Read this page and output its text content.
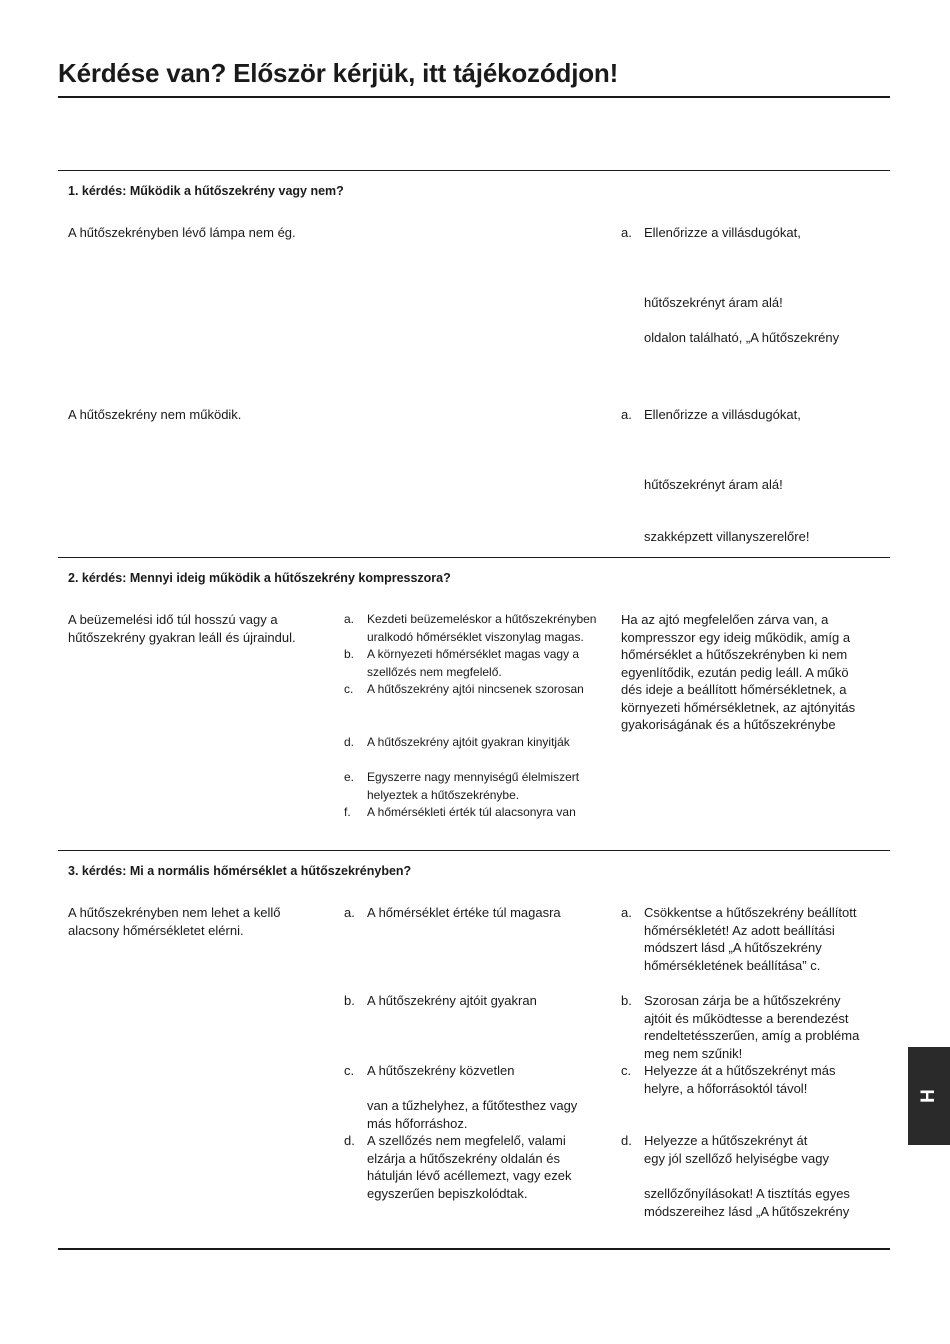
Kérdése van? Először kérjük, itt tájékozódjon!
1. kérdés: Működik a hűtőszekrény vagy nem?
A hűtőszekrényben lévő lámpa nem ég.	a. Ellenőrizze a villásdugókat,
hűtőszekrényt áram alá!
oldalon található, „A hűtőszekrény
A hűtőszekrény nem működik.	a. Ellenőrizze a villásdugókat,
hűtőszekrényt áram alá!
szakképzett villanyszerelőre!
2. kérdés: Mennyi ideig működik a hűtőszekrény kompresszora?
A beüzemelési idő túl hosszú vagy a
hűtőszekrény gyakran leáll és újraindul.
a. Kezdeti beüzemeléskor a hűtőszekrényben
uralkodó hőmérséklet viszonylag magas.
b. A környezeti hőmérséklet magas vagy a
szellőzés nem megfelelő.
c. A hűtőszekrény ajtói nincsenek szorosan
d. A hűtőszekrény ajtóit gyakran kinyitják
e. Egyszerre nagy mennyiségű élelmiszert
helyeztek a hűtőszekrénybe.
f. A hőmérsékleti érték túl alacsonyra van
Ha az ajtó megfelelően zárva van, a
kompresszor egy ideig működik, amíg a
hőmérséklet a hűtőszekrényben ki nem
egyenlítődik, ezután pedig leáll. A műkö
dés ideje a beállított hőmérsékletnek, a
környezeti hőmérsékletnek, az ajtónyitás
gyakoriságának és a hűtőszekrénybe
3. kérdés: Mi a normális hőmérséklet a hűtőszekrényben?
A hűtőszekrényben nem lehet a kellő
alacsony hőmérsékletet elérni.
a. A hőmérséklet értéke túl magasra
b. A hűtőszekrény ajtóit gyakran
c. A hűtőszekrény közvetlen
van a tűzhelyhez, a fűtőtesthez vagy
más hőforráshoz.
d. A szellőzés nem megfelelő, valami
elzárja a hűtőszekrény oldalán és
hátulján lévő acéllemezt, vagy ezek
egyszerűen bepiszkolódtak.
a. Csökkentse a hűtőszekrény beállított
hőmérsékletét! Az adott beállítási
módszert lásd „A hűtőszekrény
hőmérsékletének beállítása” c.
b. Szorosan zárja be a hűtőszekrény
ajtóit és működtesse a berendezést
rendeltetésszerűen, amíg a probléma
meg nem szűnik!
c. Helyezze át a hűtőszekrényt más
helyre, a hőforrásoktól távol!
d. Helyezze a hűtőszekrényt át
egy jól szellőző helyiségbe vagy
szellőzőnyílásokat! A tisztítás egyes
módszereihez lásd „A hűtőszekrény
H
